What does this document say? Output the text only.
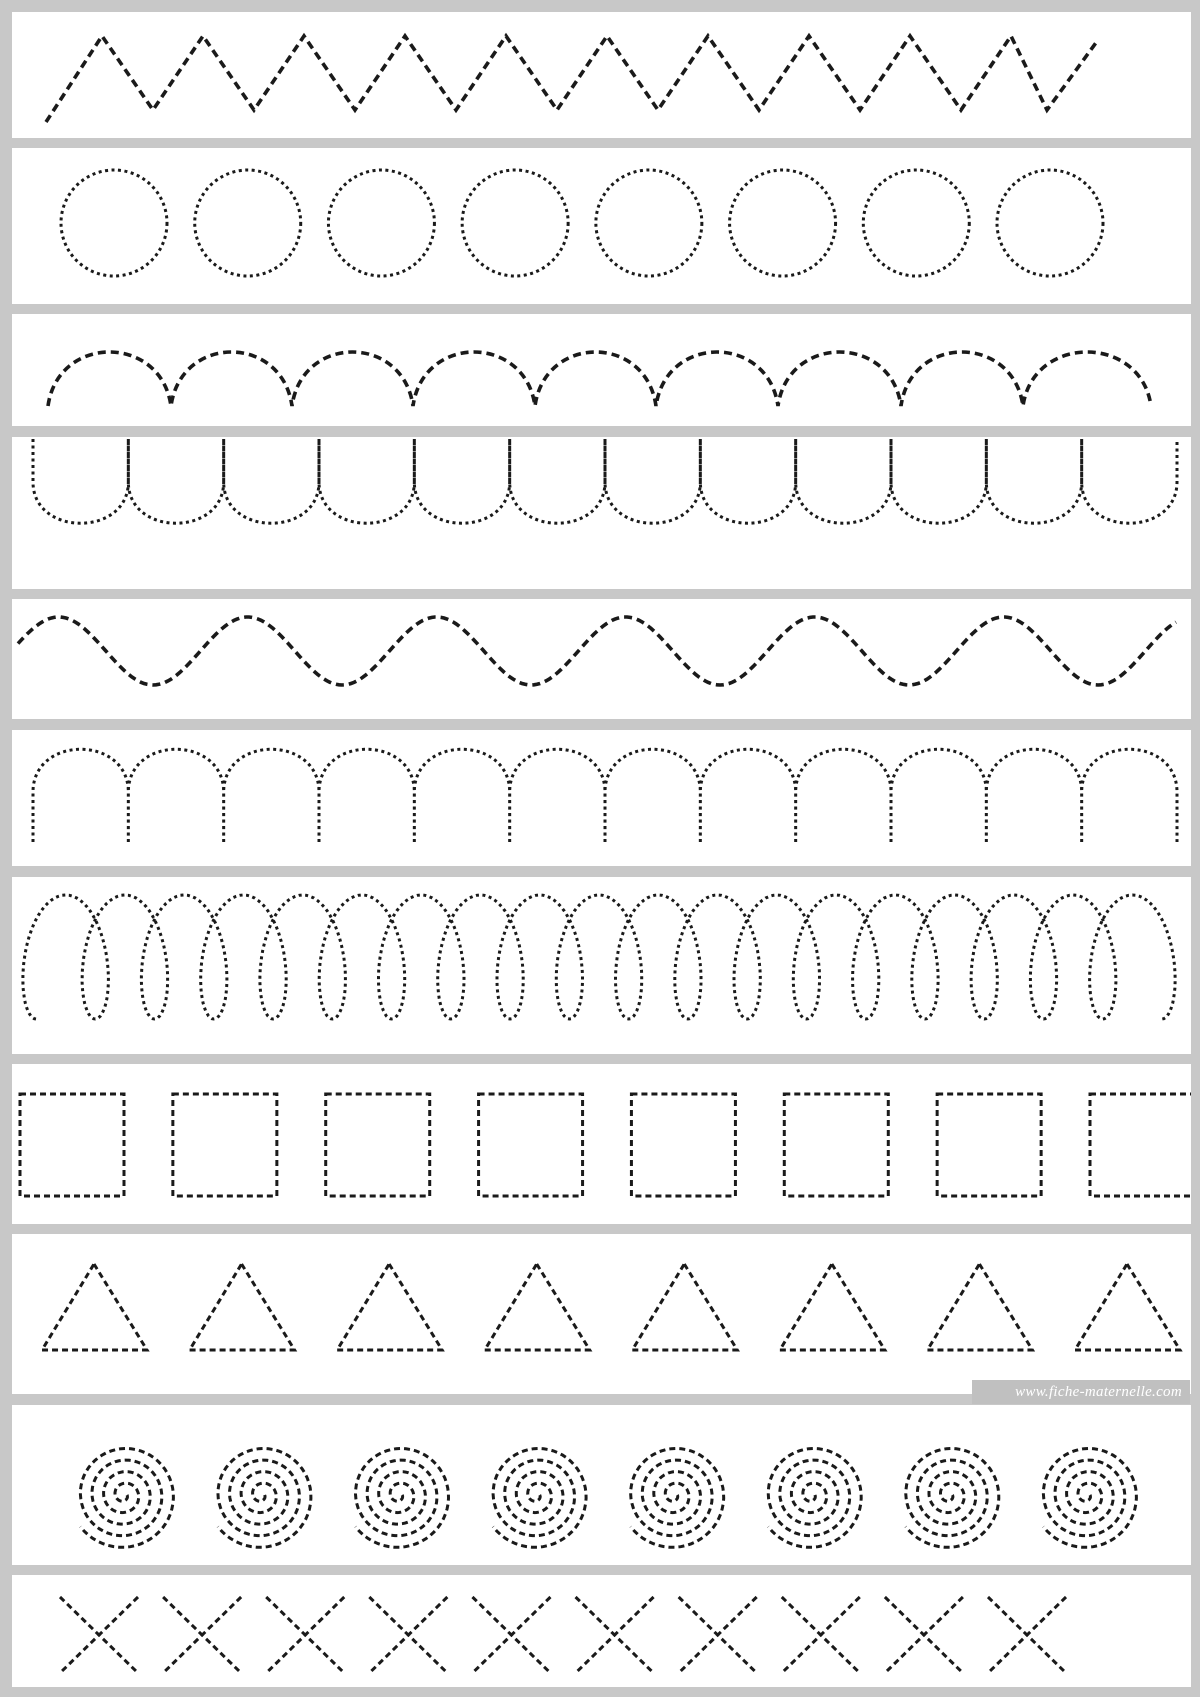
www.fiche-maternelle.com
